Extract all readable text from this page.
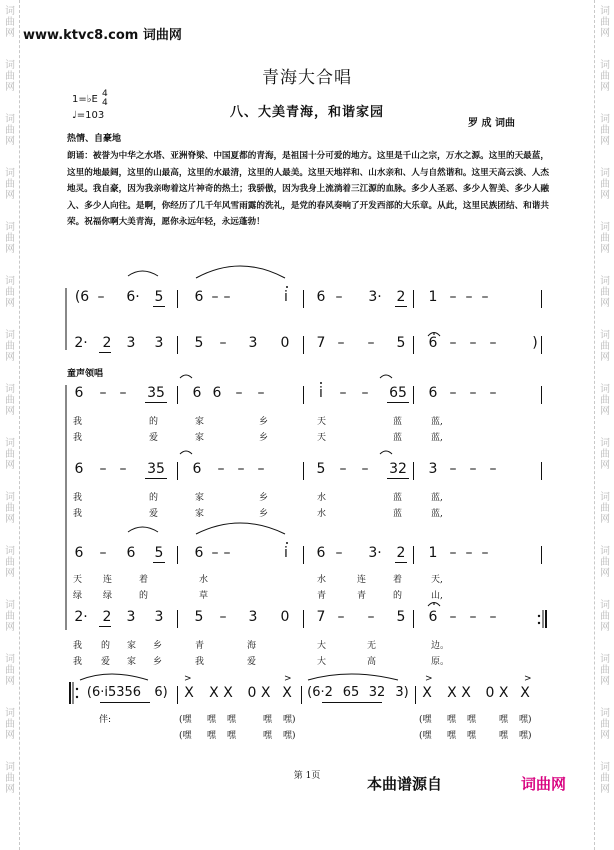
词
曲
网
词
曲
网
词
曲
网
词
曲
网
词
曲
网
词
曲
网
词
曲
网
词
曲
网
词
曲
网
词
曲
网
词
曲
网
词
曲
网
词
曲
网
词
曲
网
词
曲
网
词
曲
网
词
曲
网
词
曲
网
词
曲
网
词
曲
网
词
曲
网
词
曲
网
词
曲
网
词
曲
网
词
曲
网
词
曲
网
词
曲
网
词
曲
网
词
曲
网
词
曲
网
www.ktvc8.com 词曲网
青海大合唱
八、大美青海，和谐家园
罗 成 词曲
1=♭E 4
4
♩=103
热情、自豪地
朗诵：被誉为中华之水塔、亚洲脊梁、中国夏都的青海，是祖国十分可爱的地方。这里是千山之宗，万水之源。这里的天最蓝，这里的地最阔，这里的山最高，这里的水最清，这里的人最美。这里天地祥和、山水亲和、人与自然谐和。这里天高云淡、人杰地灵。我自豪，因为我亲吻着这片神奇的热土；我骄傲，因为我身上流淌着三江源的血脉。多少人圣恶、多少人智美、多少人融入、多少人向往。是啊，你经历了几千年风雪雨露的洗礼，是党的春风奏响了开发西部的大乐章。从此，这里民族团结、和谐共荣。祝福你啊大美青海，愿你永远年轻，永远蓬勃！
(6 – 6· 5 6 – –	i 6 – 3· 2 1 – – –
2· 2 3 3 5 – 3 0 7 – – 5 6 – – –	)
童声领唱
6 – – 35 6 6 – –	i – – 65 6 – – –
我	的	家	乡	天	蓝	蓝,
我	爱	家	乡	天	蓝	蓝,
6 – – 35 6 – – –	5 – – 32 3 – – –
我	的	家	乡	水	蓝	蓝,
我	爱	家	乡	水	蓝	蓝,
6 – 6 5 6 – –	i 6 – 3· 2 1 – – –
天 连	着	水	水	连	着	天,
绿 绿	的	草	青	青	的	山,
2· 2 3 3 5 – 3 0 7 – – 5 6 – – –
我 的 家 乡	青	海	大	无	边。
我 爱 家 乡	我	爱	大	高	原。
(6·i5356	6)	X X X 0 X X (6·2 65 32 3) X X X 0 X X
伴:	(嘿 嘿 嘿	嘿 嘿)	(嘿 嘿 嘿	嘿 嘿)
(嘿 嘿 嘿	嘿 嘿)	(嘿 嘿 嘿	嘿 嘿)
>	>	>	>
第 1页	本曲谱源自	词曲网
